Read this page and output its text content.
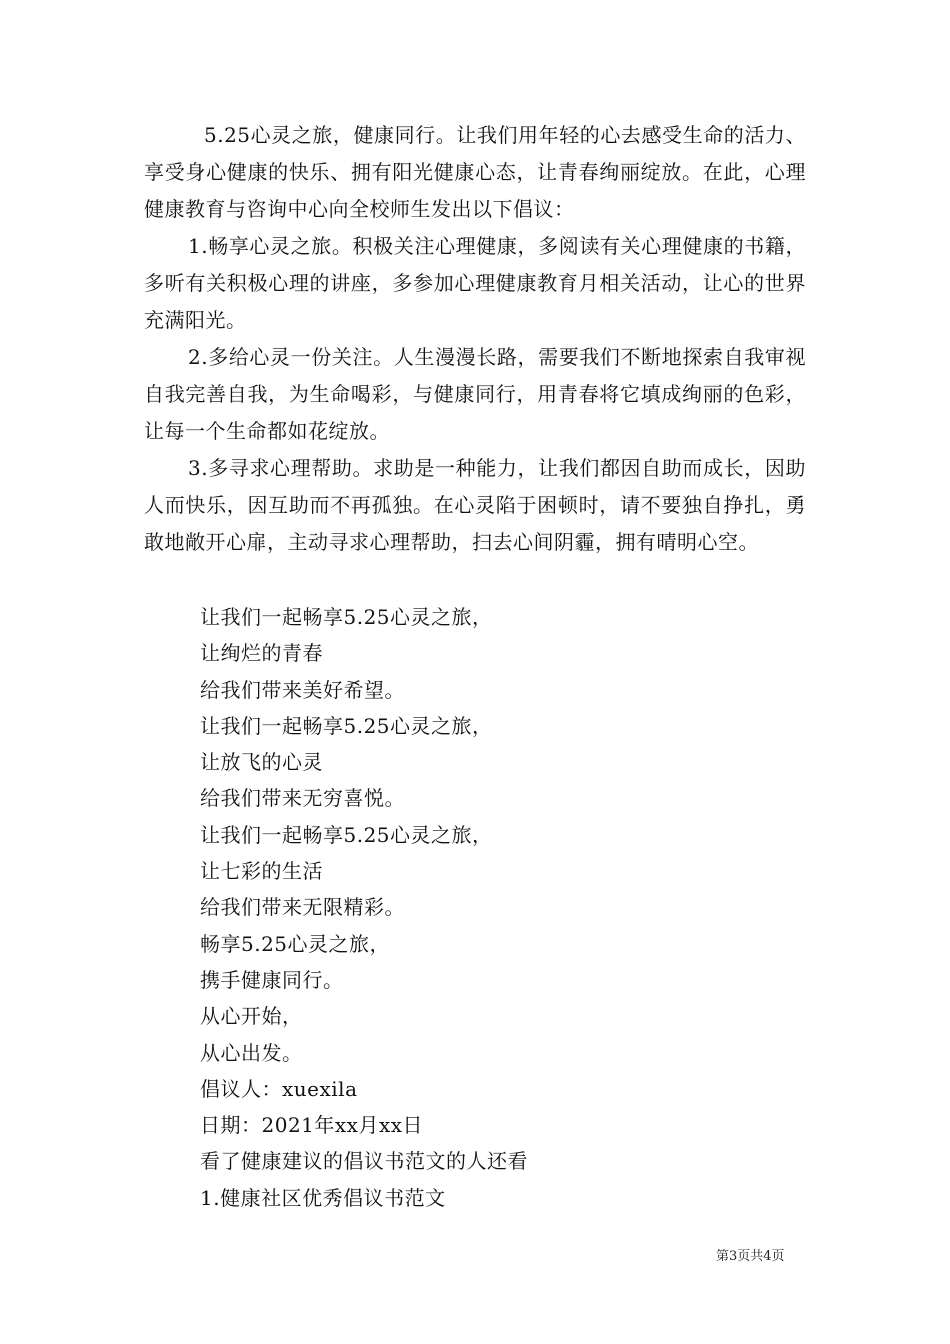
5.25心灵之旅，健康同行。让我们用年轻的心去感受生命的活力、享受身心健康的快乐、拥有阳光健康心态，让青春绚丽绽放。在此，心理健康教育与咨询中心向全校师生发出以下倡议：

1.畅享心灵之旅。积极关注心理健康，多阅读有关心理健康的书籍，多听有关积极心理的讲座，多参加心理健康教育月相关活动，让心的世界充满阳光。

2.多给心灵一份关注。人生漫漫长路，需要我们不断地探索自我审视自我完善自我，为生命喝彩，与健康同行，用青春将它填成绚丽的色彩，让每一个生命都如花绽放。

3.多寻求心理帮助。求助是一种能力，让我们都因自助而成长，因助人而快乐，因互助而不再孤独。在心灵陷于困顿时，请不要独自挣扎，勇敢地敞开心扉，主动寻求心理帮助，扫去心间阴霾，拥有晴明心空。

让我们一起畅享5.25心灵之旅，

让绚烂的青春

给我们带来美好希望。

让我们一起畅享5.25心灵之旅，

让放飞的心灵

给我们带来无穷喜悦。

让我们一起畅享5.25心灵之旅，

让七彩的生活

给我们带来无限精彩。

畅享5.25心灵之旅，

携手健康同行。

从心开始，

从心出发。

倡议人：xuexila

日期：2021年xx月xx日

看了健康建议的倡议书范文的人还看

1.健康社区优秀倡议书范文

第3页共4页
